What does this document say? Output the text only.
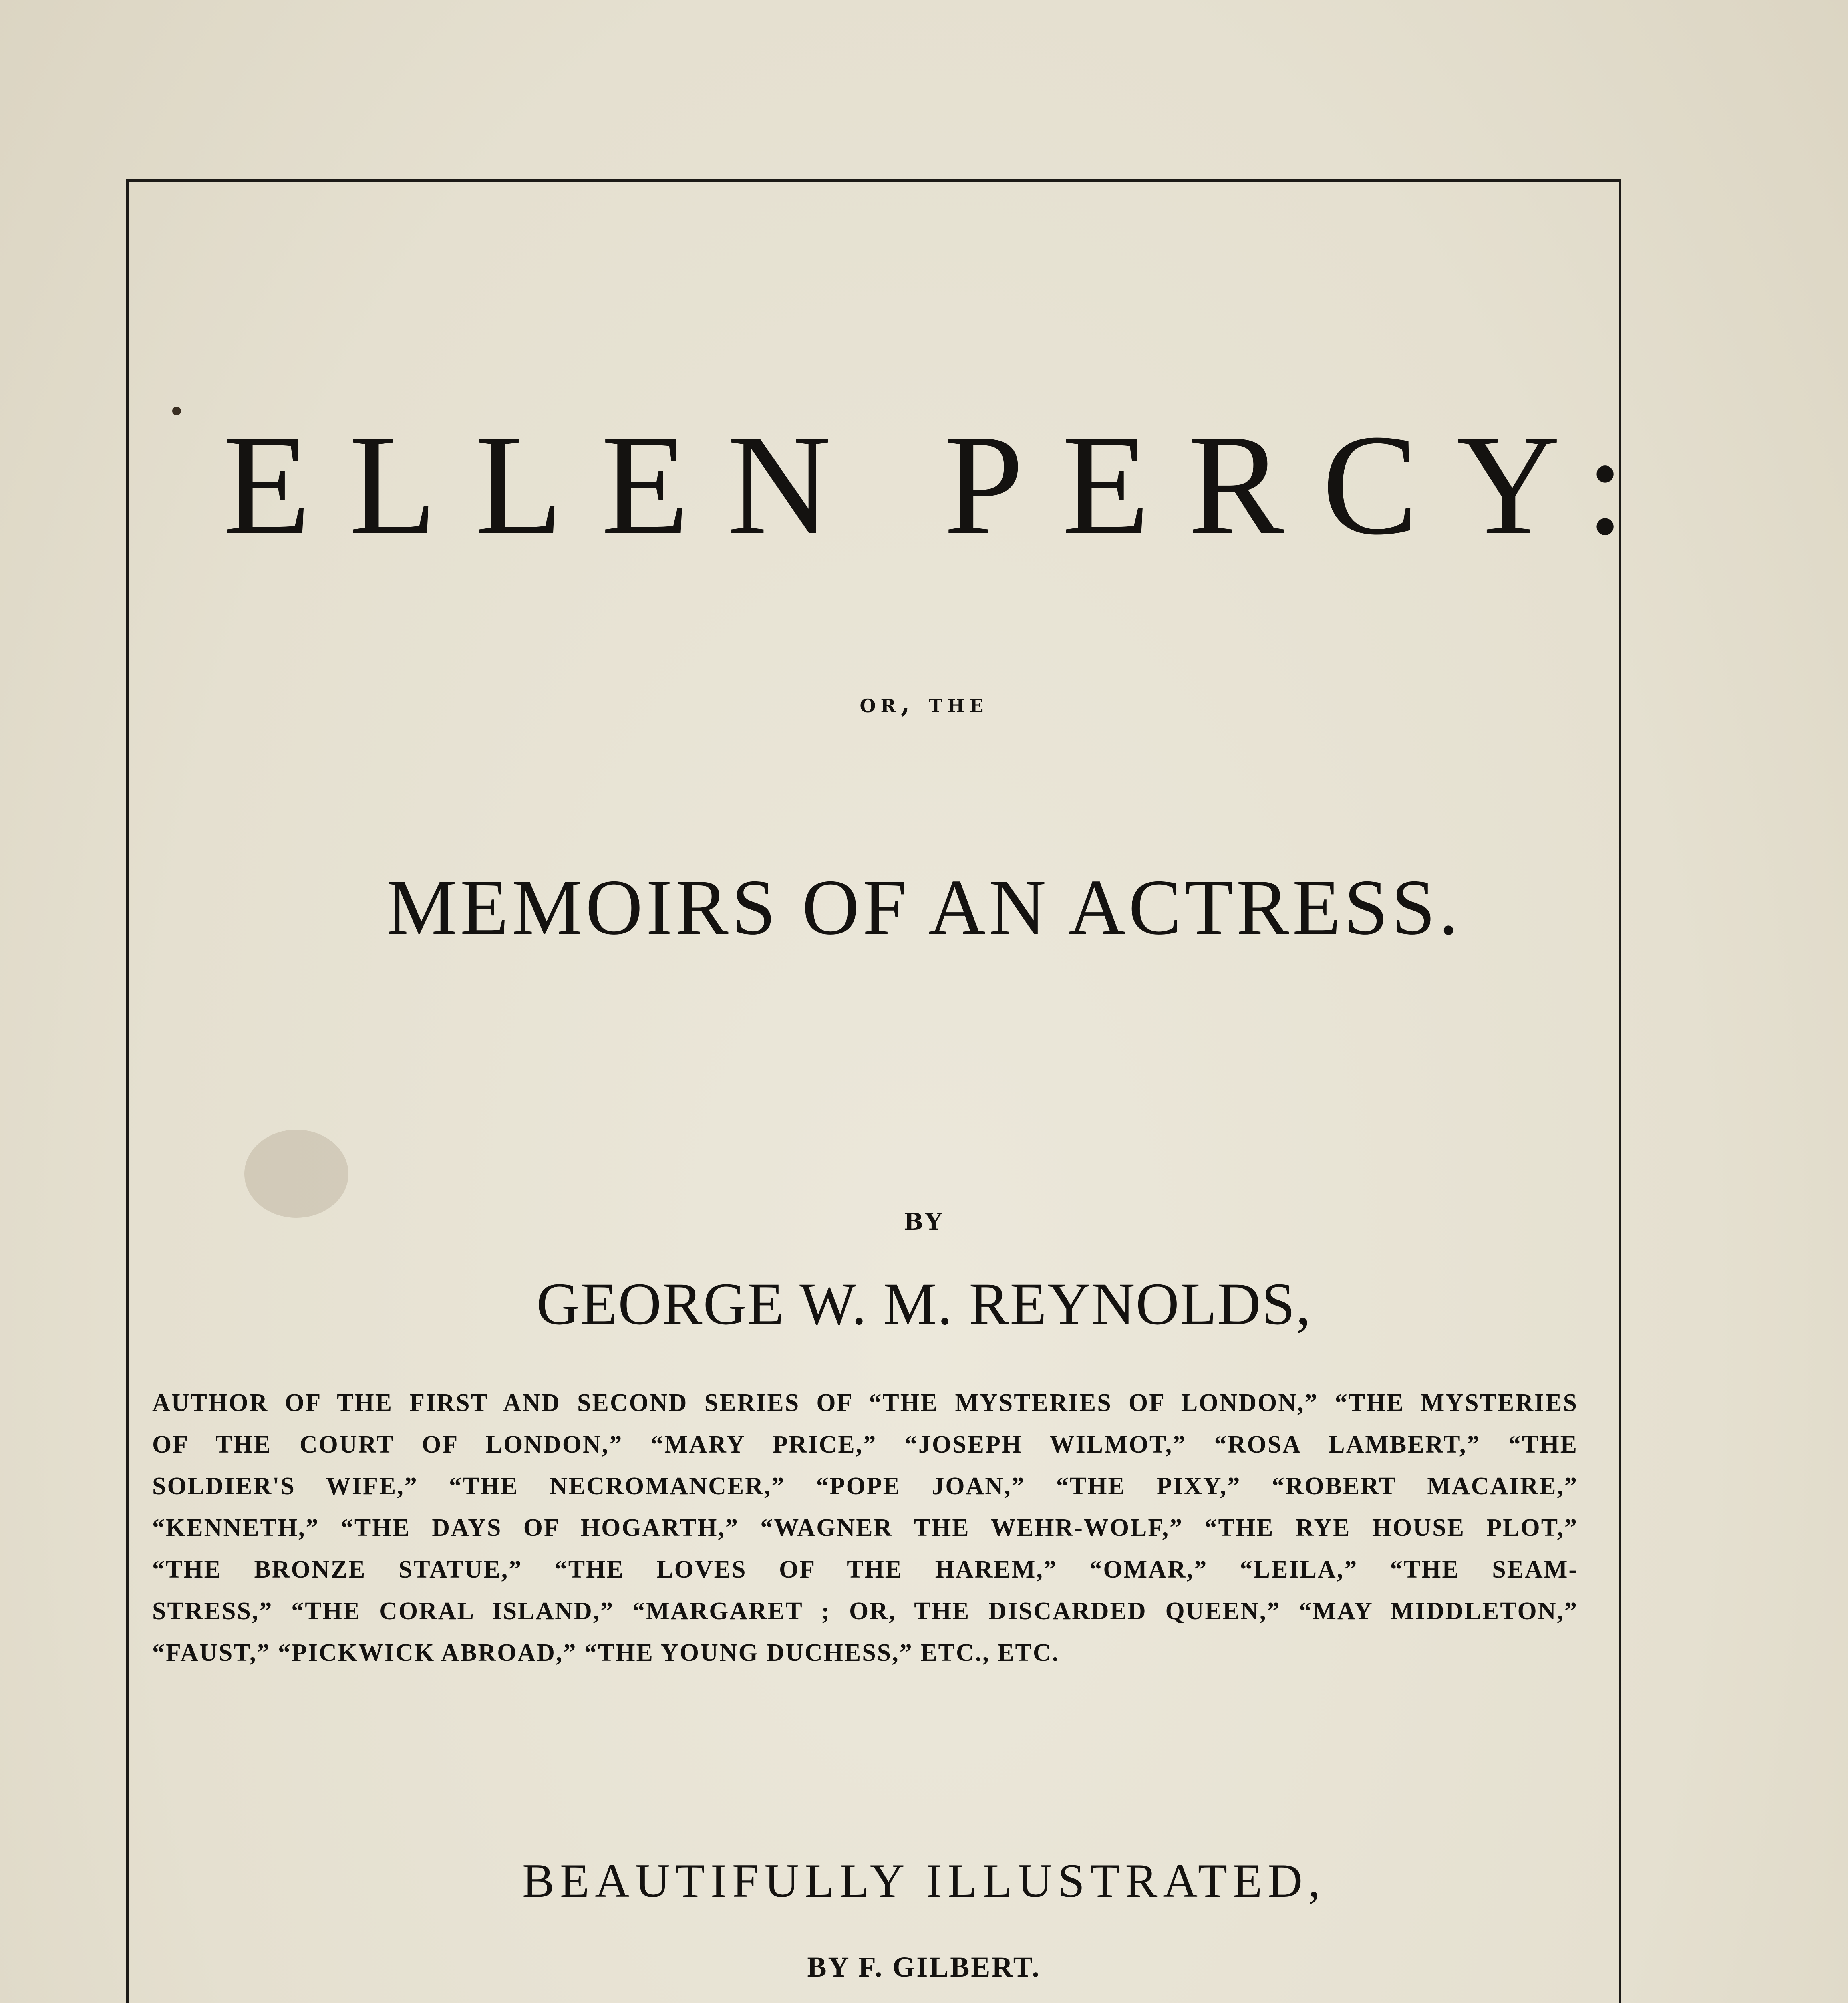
ELLEN PERCY:
or, the
MEMOIRS OF AN ACTRESS.
BY
GEORGE W. M. REYNOLDS,
AUTHOR OF THE FIRST AND SECOND SERIES OF “THE MYSTERIES OF LONDON,” “THE MYSTERIES
OF THE COURT OF LONDON,” “MARY PRICE,” “JOSEPH WILMOT,” “ROSA LAMBERT,” “THE
SOLDIER'S WIFE,” “THE NECROMANCER,” “POPE JOAN,” “THE PIXY,” “ROBERT MACAIRE,”
“KENNETH,” “THE DAYS OF HOGARTH,” “WAGNER THE WEHR-WOLF,” “THE RYE HOUSE PLOT,”
“THE BRONZE STATUE,” “THE LOVES OF THE HAREM,” “OMAR,” “LEILA,” “THE SEAM-
STRESS,” “THE CORAL ISLAND,” “MARGARET ; OR, THE DISCARDED QUEEN,” “MAY MIDDLETON,”
“FAUST,” “PICKWICK ABROAD,” “THE YOUNG DUCHESS,” ETC., ETC.
BEAUTIFULLY ILLUSTRATED,
BY F. GILBERT.
